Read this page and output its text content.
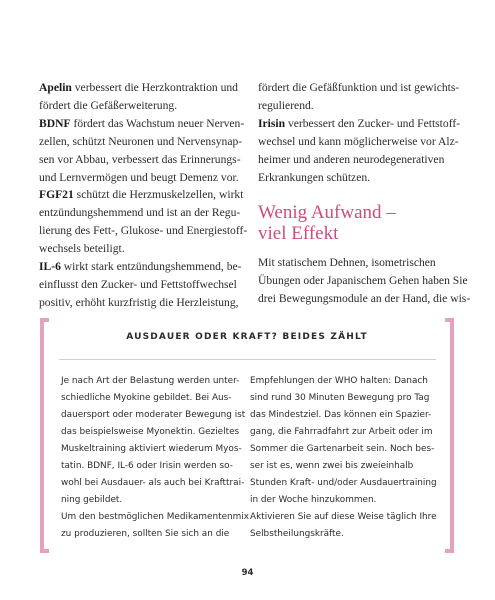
Apelin verbessert die Herzkontraktion und
fördert die Gefäßerweiterung.
BDNF fördert das Wachstum neuer Nerven-
zellen, schützt Neuronen und Nervensynap-
sen vor Abbau, verbessert das Erinnerungs-
und Lernvermögen und beugt Demenz vor.
FGF21 schützt die Herzmuskelzellen, wirkt
entzündungshemmend und ist an der Regu-
lierung des Fett-, Glukose- und Energiestoff-
wechsels beteiligt.
IL-6 wirkt stark entzündungshemmend, be-
einflusst den Zucker- und Fettstoffwechsel
positiv, erhöht kurzfristig die Herzleistung,
fördert die Gefäßfunktion und ist gewichts-
regulierend.
Irisin verbessert den Zucker- und Fettstoff-
wechsel und kann möglicherweise vor Alz-
heimer und anderen neurodegenerativen
Erkrankungen schützen.
Wenig Aufwand –
viel Effekt
Mit statischem Dehnen, isometrischen
Übungen oder Japanischem Gehen haben Sie
drei Bewegungsmodule an der Hand, die wis-
AUSDAUER ODER KRAFT? BEIDES ZÄHLT
Je nach Art der Belastung werden unter-
schiedliche Myokine gebildet. Bei Aus-
dauersport oder moderater Bewegung ist
das beispielsweise Myonektin. Gezieltes
Muskeltraining aktiviert wiederum Myos-
tatin. BDNF, IL-6 oder Irisin werden so-
wohl bei Ausdauer- als auch bei Krafttrai-
ning gebildet.
Um den bestmöglichen Medikamentenmix
zu produzieren, sollten Sie sich an die
Empfehlungen der WHO halten: Danach
sind rund 30 Minuten Bewegung pro Tag
das Mindestziel. Das können ein Spazier-
gang, die Fahrradfahrt zur Arbeit oder im
Sommer die Gartenarbeit sein. Noch bes-
ser ist es, wenn zwei bis zweieinhalb
Stunden Kraft- und/oder Ausdauertraining
in der Woche hinzukommen.
Aktivieren Sie auf diese Weise täglich Ihre
Selbstheilungskräfte.
94
